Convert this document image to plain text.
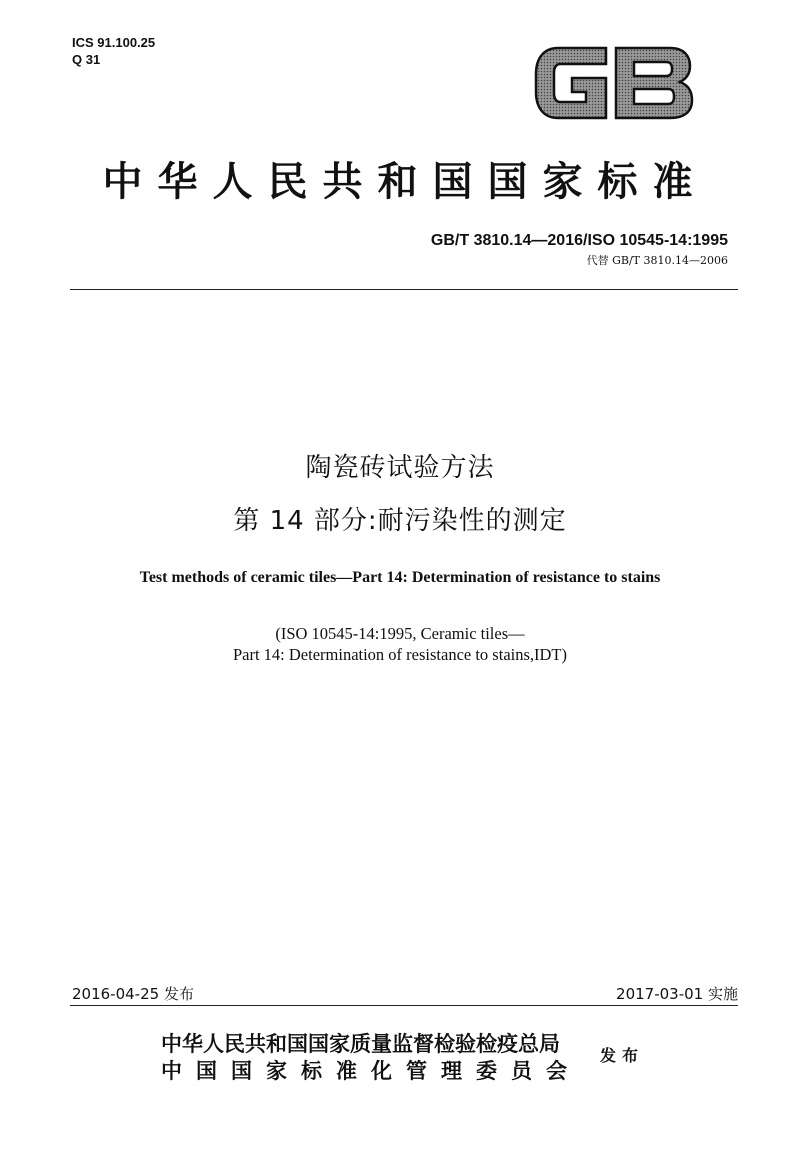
ICS 91.100.25
Q 31
中华人民共和国国家标准
GB/T 3810.14—2016/ISO 10545-14:1995
代替 GB/T 3810.14—2006
陶瓷砖试验方法
第 14 部分:耐污染性的测定
Test methods of ceramic tiles—Part 14: Determination of resistance to stains
(ISO 10545-14:1995, Ceramic tiles—
Part 14: Determination of resistance to stains,IDT)
2016-04-25 发布	2017-03-01 实施
中华人民共和国国家质量监督检验检疫总局
中国国家标准化管理委员会
发布
